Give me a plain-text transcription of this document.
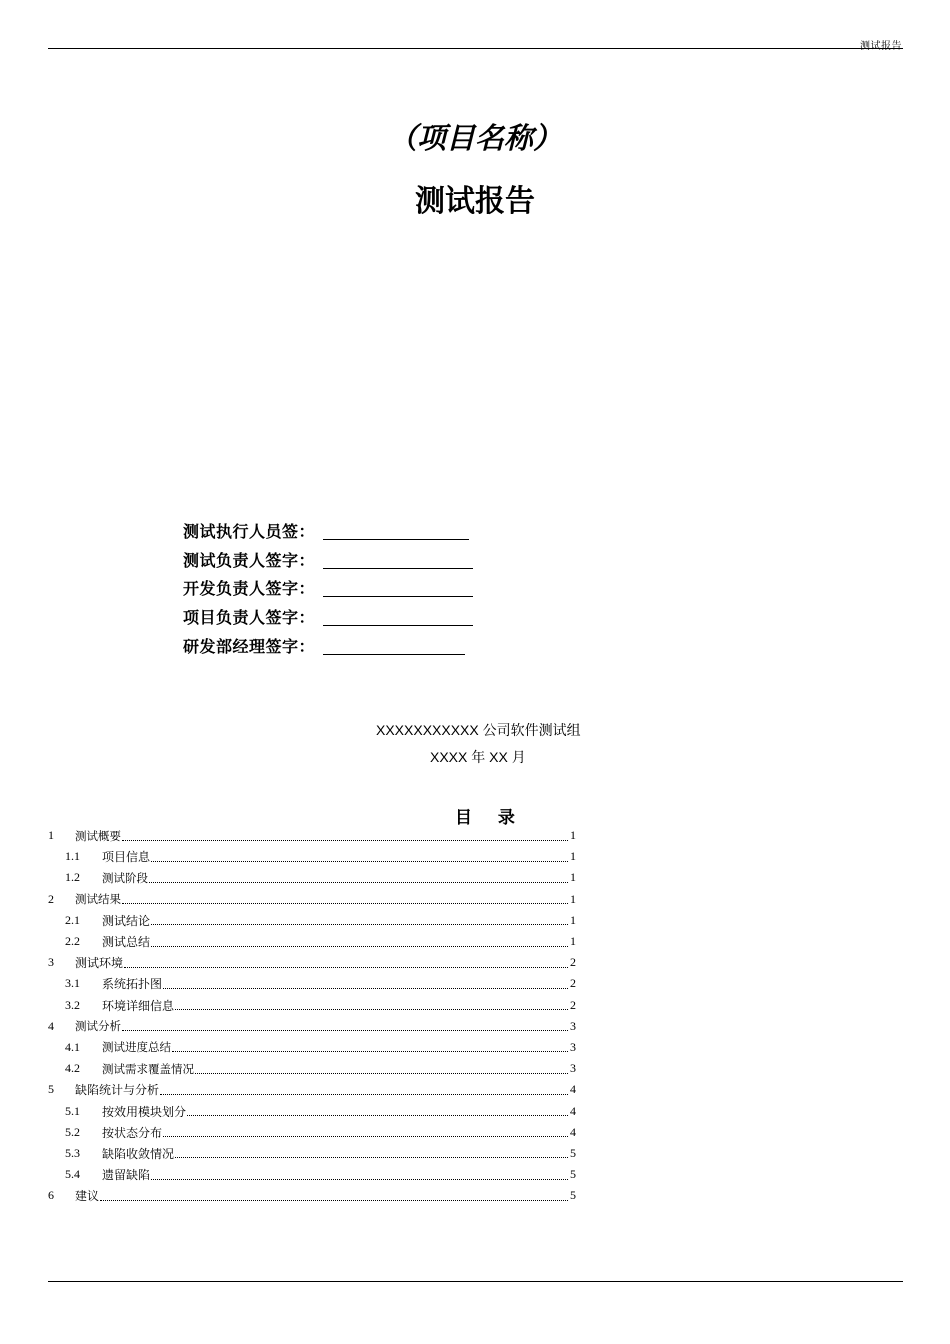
测试报告
（项目名称）
测试报告
测试执行人员签：
测试负责人签字：
开发负责人签字：
项目负责人签字：
研发部经理签字：
XXXXXXXXXXX 公司软件测试组
XXXX 年 XX 月
目 录
1	测试概要	1
1.1	项目信息	1
1.2	测试阶段	1
2	测试结果	1
2.1	测试结论	1
2.2	测试总结	1
3	测试环境	2
3.1	系统拓扑图	2
3.2	环境详细信息	2
4	测试分析	3
4.1	测试进度总结	3
4.2	测试需求覆盖情况	3
5	缺陷统计与分析	4
5.1	按效用模块划分	4
5.2	按状态分布	4
5.3	缺陷收敛情况	5
5.4	遗留缺陷	5
6	建议	5
